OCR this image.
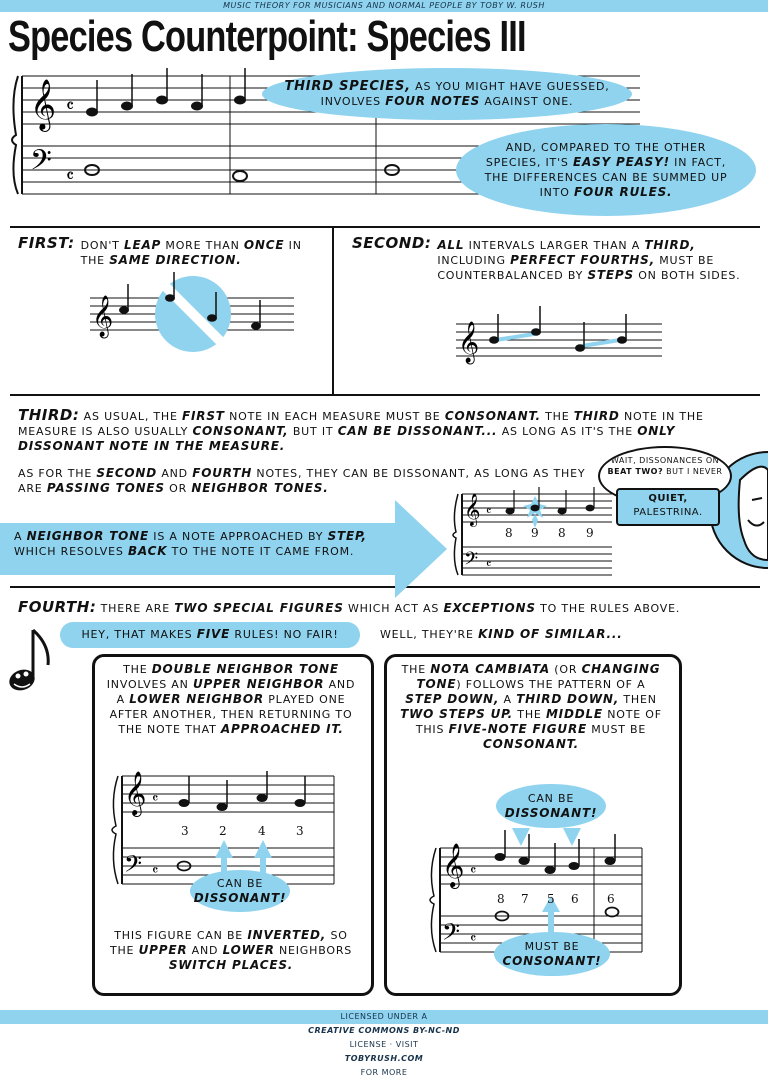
MUSIC THEORY FOR MUSICIANS AND NORMAL PEOPLE BY TOBY W. RUSH
Species Counterpoint: Species III
𝄞
𝄢
𝄴
𝄴
THIRD SPECIES, AS YOU MIGHT HAVE GUESSED, INVOLVES FOUR NOTES AGAINST ONE.
AND, COMPARED TO THE OTHER SPECIES, IT'S EASY PEASY! IN FACT, THE DIFFERENCES CAN BE SUMMED UP INTO FOUR RULES.
FIRST: DON'T LEAP MORE THAN ONCE IN THE SAME DIRECTION.
𝄞
SECOND: ALL INTERVALS LARGER THAN A THIRD, INCLUDING PERFECT FOURTHS, MUST BE COUNTERBALANCED BY STEPS ON BOTH SIDES.
𝄞
THIRD: AS USUAL, THE FIRST NOTE IN EACH MEASURE MUST BE CONSONANT. THE THIRD NOTE IN THE MEASURE IS ALSO USUALLY CONSONANT, BUT IT CAN BE DISSONANT... AS LONG AS IT'S THE ONLY DISSONANT NOTE IN THE MEASURE.
AS FOR THE SECOND AND FOURTH NOTES, THEY CAN BE DISSONANT, AS LONG AS THEY ARE PASSING TONES OR NEIGHBOR TONES.
A NEIGHBOR TONE IS A NOTE APPROACHED BY STEP, WHICH RESOLVES BACK TO THE NOTE IT CAME FROM.
𝄞
𝄢
𝄴
𝄴
8 9 8 9
WAIT, DISSONANCES ON BEAT TWO? BUT I NEVER
QUIET,
PALESTRINA.
FOURTH: THERE ARE TWO SPECIAL FIGURES WHICH ACT AS EXCEPTIONS TO THE RULES ABOVE.
HEY, THAT MAKES FIVE RULES! NO FAIR!	WELL, THEY'RE KIND OF SIMILAR...
THE DOUBLE NEIGHBOR TONE INVOLVES AN UPPER NEIGHBOR AND A LOWER NEIGHBOR PLAYED ONE AFTER ANOTHER, THEN RETURNING TO THE NOTE THAT APPROACHED IT.
𝄞
𝄢
𝄴
𝄴
3	2	4	3
CAN BE
DISSONANT!
THIS FIGURE CAN BE INVERTED, SO THE UPPER AND LOWER NEIGHBORS SWITCH PLACES.
THE NOTA CAMBIATA (OR CHANGING TONE) FOLLOWS THE PATTERN OF A STEP DOWN, A THIRD DOWN, THEN TWO STEPS UP. THE MIDDLE NOTE OF THIS FIVE-NOTE FIGURE MUST BE CONSONANT.
CAN BE
DISSONANT!
𝄞
𝄢
𝄴
𝄴
8 7 5 6 6
MUST BE
CONSONANT!
LICENSED UNDER A
CREATIVE COMMONS BY-NC-ND
LICENSE · VISIT
TOBYRUSH.COM
FOR MORE
